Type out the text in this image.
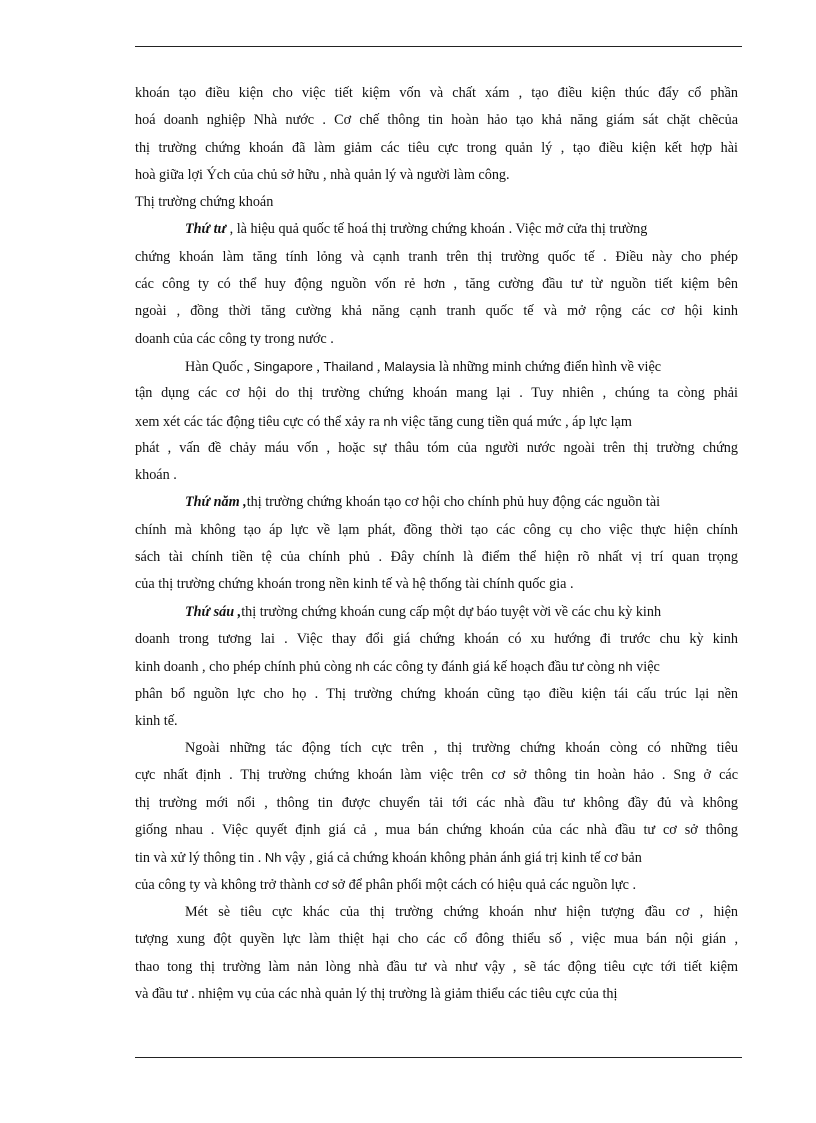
khoán tạo điều kiện cho việc tiết kiệm vốn và chất xám , tạo điều kiện thúc đẩy cổ phần
hoá doanh nghiệp Nhà nước . Cơ chế thông tin hoàn hảo tạo khả năng giám sát chặt chẽcủa
thị trường chứng khoán đã làm giảm các tiêu cực trong quản lý , tạo điều kiện kết hợp hài
hoà giữa lợi Ých của chủ sở hữu , nhà quản lý và người làm công.
Thị trường chứng khoán
Thứ tư , là hiệu quả quốc tế hoá thị trường chứng khoán . Việc mở cửa thị trường
chứng khoán làm tăng tính lỏng và cạnh tranh trên thị trường quốc tế . Điều này cho phép
các công ty có thể huy động nguồn vốn rẻ hơn , tăng cường đầu tư từ nguồn tiết kiệm bên
ngoài , đồng thời tăng cường khả năng cạnh tranh quốc tế và mở rộng các cơ hội kinh
doanh của các công ty trong nước .
Hàn Quốc , Singapore , Thailand , Malaysia là những minh chứng điển hình về việc
tận dụng các cơ hội do thị trường chứng khoán mang lại . Tuy nhiên , chúng ta còng phải
xem xét các tác động tiêu cực có thể xảy ra nh việc tăng cung tiền quá mức , áp lực lạm
phát , vấn đề chảy máu vốn , hoặc sự thâu tóm của người nước ngoài trên thị trường chứng
khoán .
Thứ năm ,thị trường chứng khoán tạo cơ hội cho chính phủ huy động các nguồn tài
chính mà không tạo áp lực về lạm phát, đồng thời tạo các công cụ cho việc thực hiện chính
sách tài chính tiền tệ của chính phủ . Đây chính là điểm thể hiện rõ nhất vị trí quan trọng
của thị trường chứng khoán trong nền kinh tế và hệ thống tài chính quốc gia .
Thứ sáu ,thị trường chứng khoán cung cấp một dự báo tuyệt vời về các chu kỳ kinh
doanh trong tương lai . Việc thay đổi giá chứng khoán có xu hướng đi trước chu kỳ kinh
kinh doanh , cho phép chính phủ còng nh các công ty đánh giá kế hoạch đầu tư còng nh việc
phân bổ nguồn lực cho họ . Thị trường chứng khoán cũng tạo điều kiện tái cấu trúc lại nền
kinh tế.
Ngoài những tác động tích cực trên , thị trường chứng khoán còng có những tiêu
cực nhất định . Thị trường chứng khoán làm việc trên cơ sở thông tin hoàn hảo . Sng ở các
thị trường mới nổi , thông tin được chuyển tải tới các nhà đầu tư không đầy đủ và không
giống nhau . Việc quyết định giá cả , mua bán chứng khoán của các nhà đầu tư cơ sở thông
tin và xử lý thông tin . Nh vậy , giá cả chứng khoán không phản ánh giá trị kinh tế cơ bản
của công ty và không trở thành cơ sở để phân phối một cách có hiệu quả các nguồn lực .
Mét sè tiêu cực khác của thị trường chứng khoán như hiện tượng đầu cơ , hiện
tượng xung đột quyền lực làm thiệt hại cho các cổ đông thiểu số , việc mua bán nội gián ,
thao tong thị trường làm nản lòng nhà đầu tư và như vậy , sẽ tác động tiêu cực tới tiết kiệm
và đầu tư . nhiệm vụ của các nhà quản lý thị trường là giảm thiểu các tiêu cực của thị
